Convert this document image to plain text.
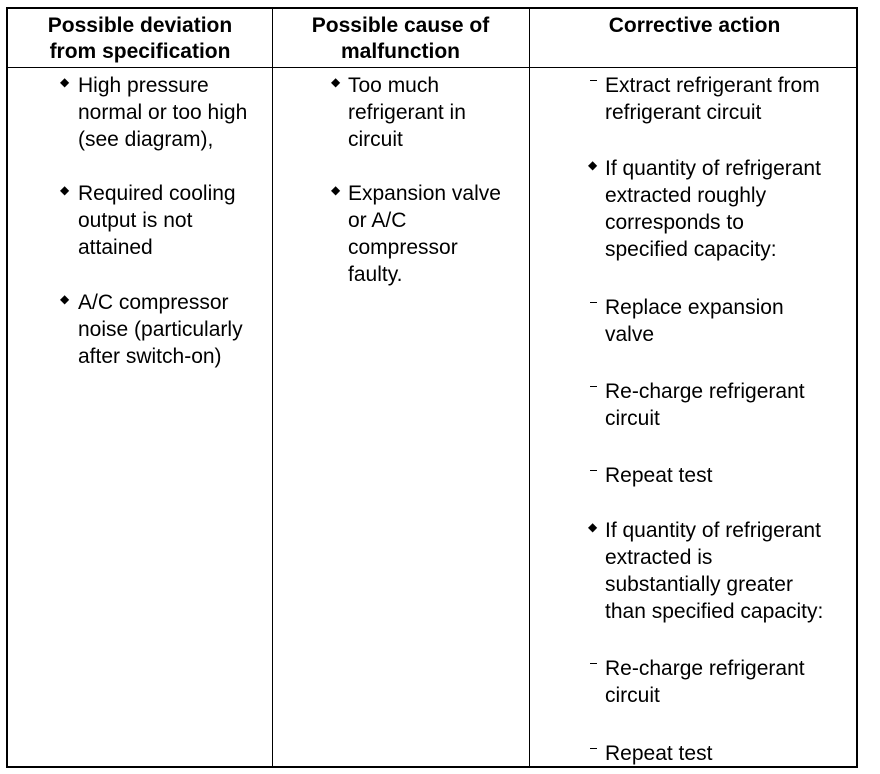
Possible deviation
from specification
Possible cause of
malfunction
Corrective action
◆ High pressure
normal or too high
(see diagram),
◆ Required cooling
output is not
attained
◆ A/C compressor
noise (particularly
after switch-on)
◆ Too much
refrigerant in
circuit
◆ Expansion valve
or A/C
compressor
faulty.
Extract refrigerant from
refrigerant circuit
◆ If quantity of refrigerant
extracted roughly
corresponds to
specified capacity:
Replace expansion
valve
Re-charge refrigerant
circuit
Repeat test
◆ If quantity of refrigerant
extracted is
substantially greater
than specified capacity:
Re-charge refrigerant
circuit
Repeat test
